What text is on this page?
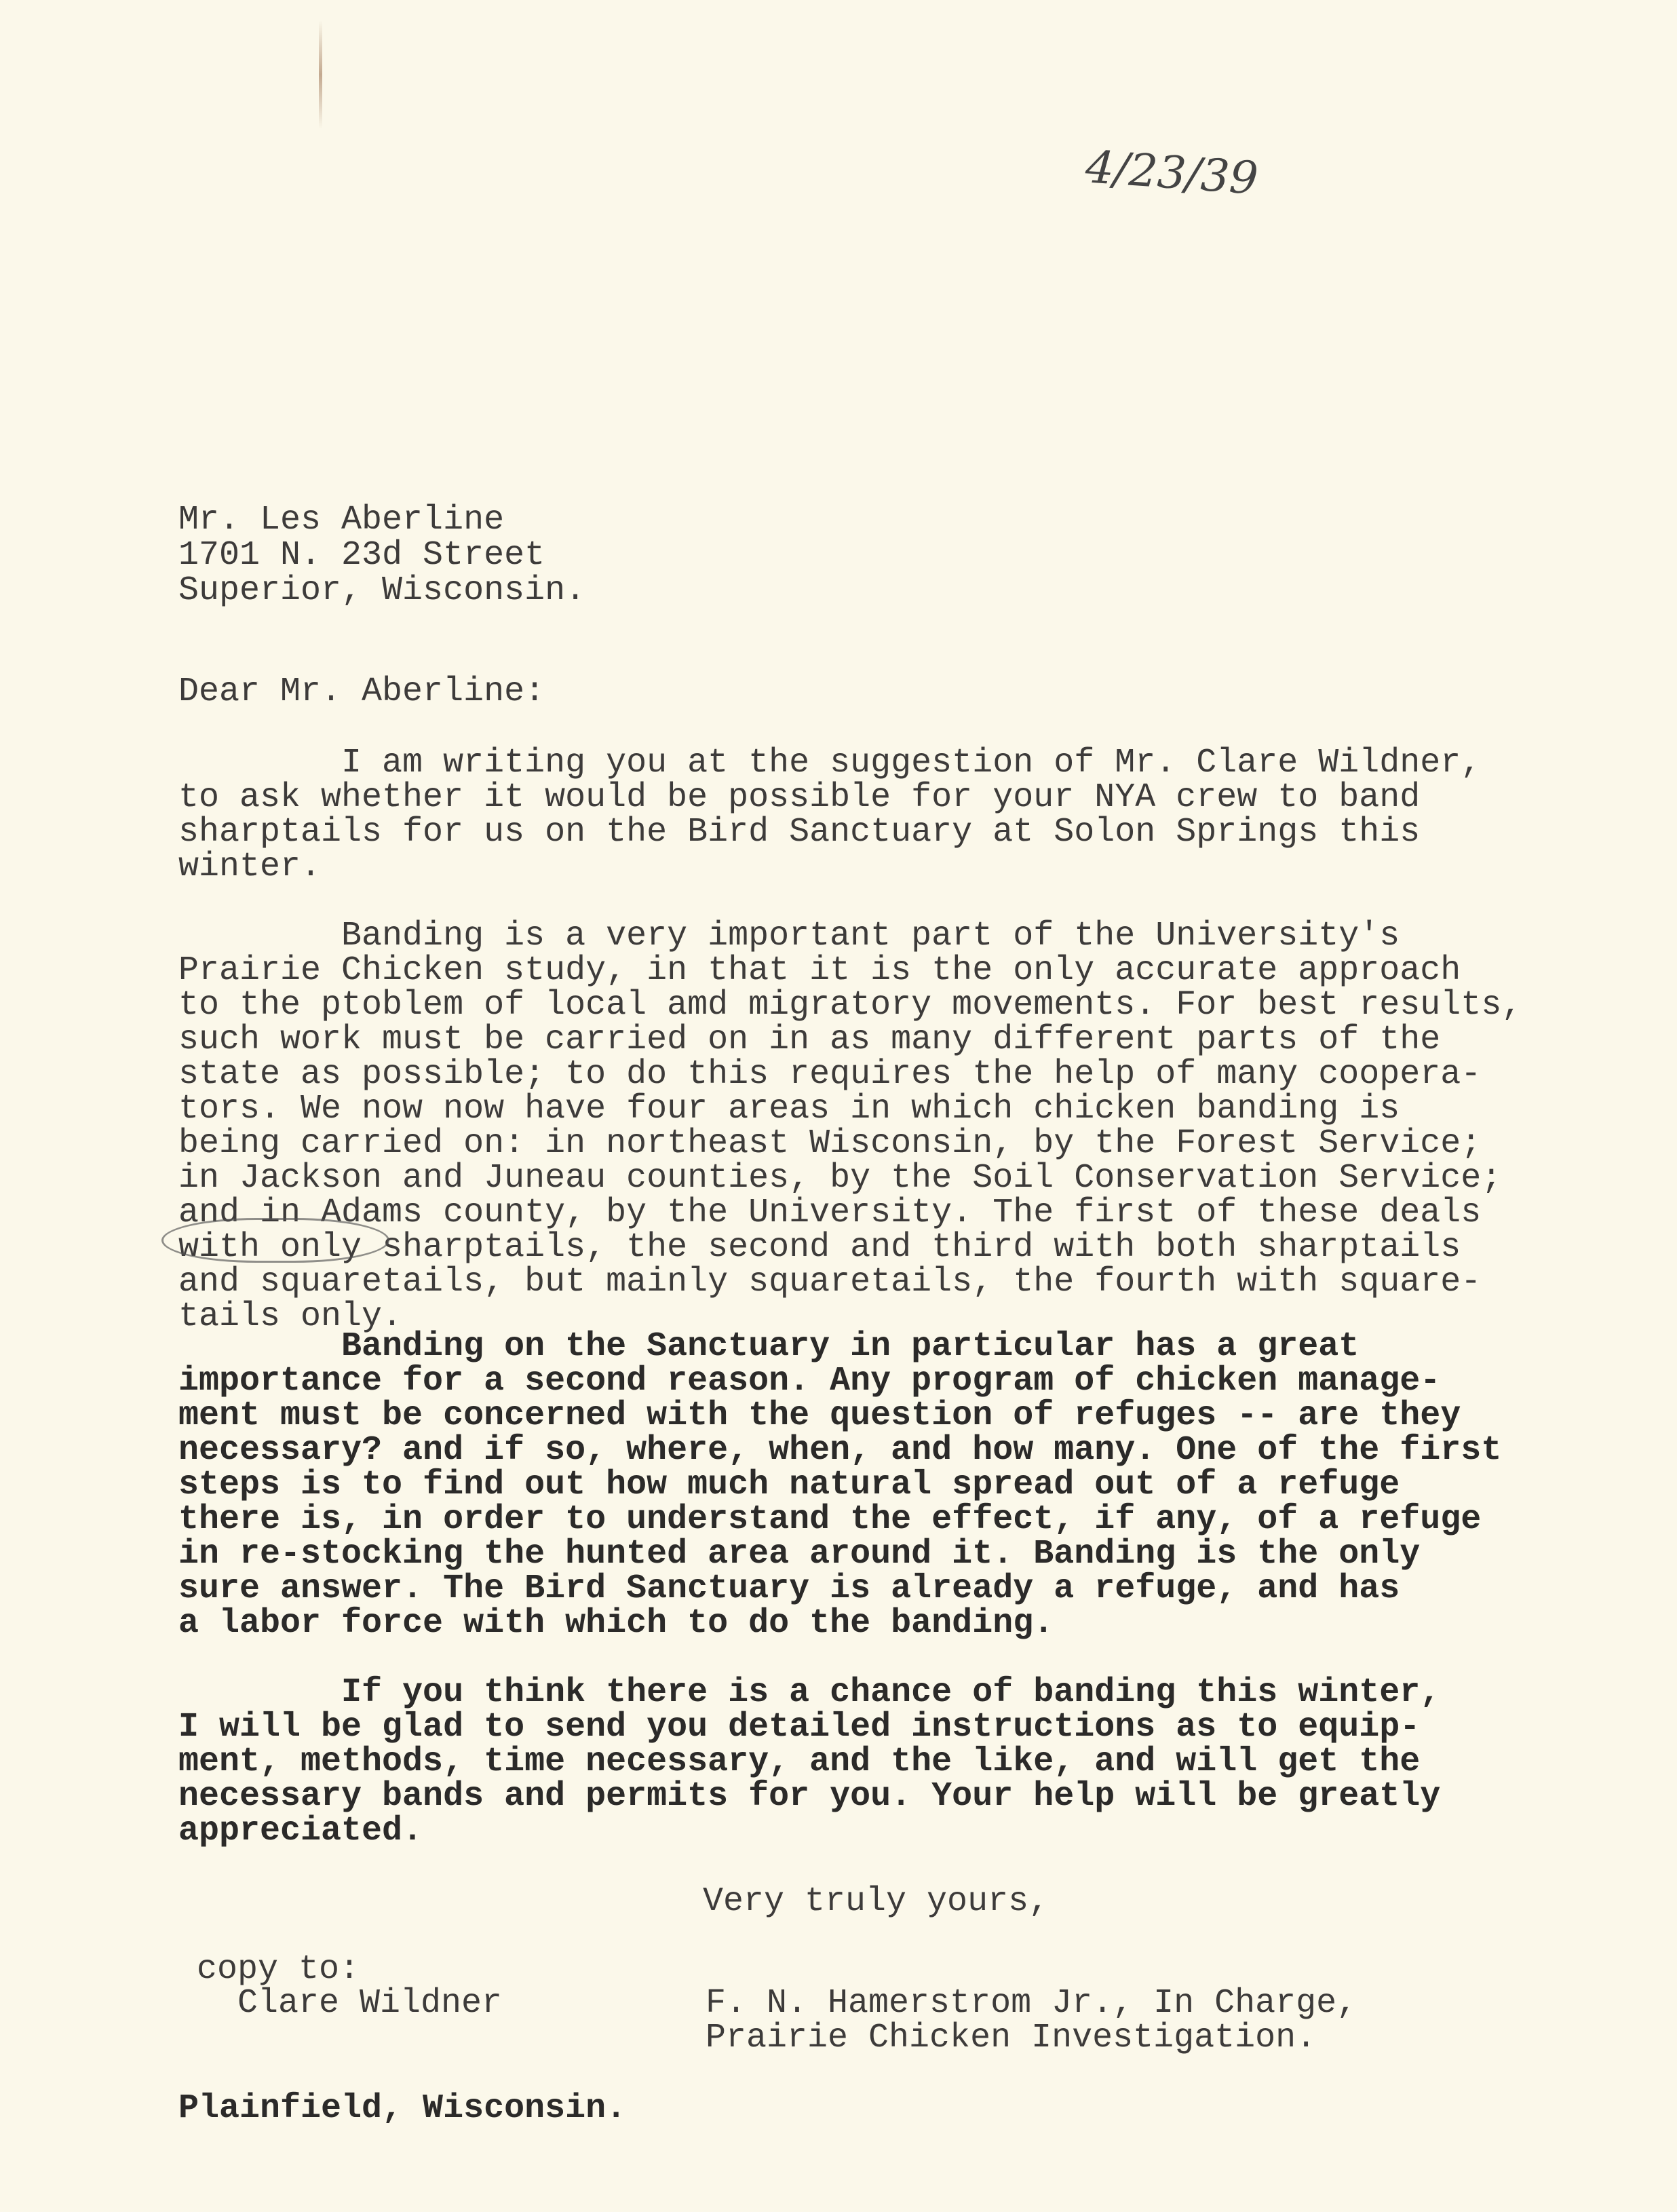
4/23/39
Mr. Les Aberline
1701 N. 23d Street
Superior, Wisconsin.
Dear Mr. Aberline:
I am writing you at the suggestion of Mr. Clare Wildner,
to ask whether it would be possible for your NYA crew to band
sharptails for us on the Bird Sanctuary at Solon Springs this
winter.
Banding is a very important part of the University's
Prairie Chicken study, in that it is the only accurate approach
to the ptoblem of local amd migratory movements. For best results,
such work must be carried on in as many different parts of the
state as possible; to do this requires the help of many coopera-
tors. We now now have four areas in which chicken banding is
being carried on: in northeast Wisconsin, by the Forest Service;
in Jackson and Juneau counties, by the Soil Conservation Service;
and in Adams county, by the University. The first of these deals
with only sharptails, the second and third with both sharptails
and squaretails, but mainly squaretails, the fourth with square-
tails only.
Banding on the Sanctuary in particular has a great
importance for a second reason. Any program of chicken manage-
ment must be concerned with the question of refuges -- are they
necessary? and if so, where, when, and how many. One of the first
steps is to find out how much natural spread out of a refuge
there is, in order to understand the effect, if any, of a refuge
in re-stocking the hunted area around it. Banding is the only
sure answer. The Bird Sanctuary is already a refuge, and has
a labor force with which to do the banding.
If you think there is a chance of banding this winter,
I will be glad to send you detailed instructions as to equip-
ment, methods, time necessary, and the like, and will get the
necessary bands and permits for you. Your help will be greatly
appreciated.
Very truly yours,
copy to:
Clare Wildner	F. N. Hamerstrom Jr., In Charge,
Prairie Chicken Investigation.
Plainfield, Wisconsin.
